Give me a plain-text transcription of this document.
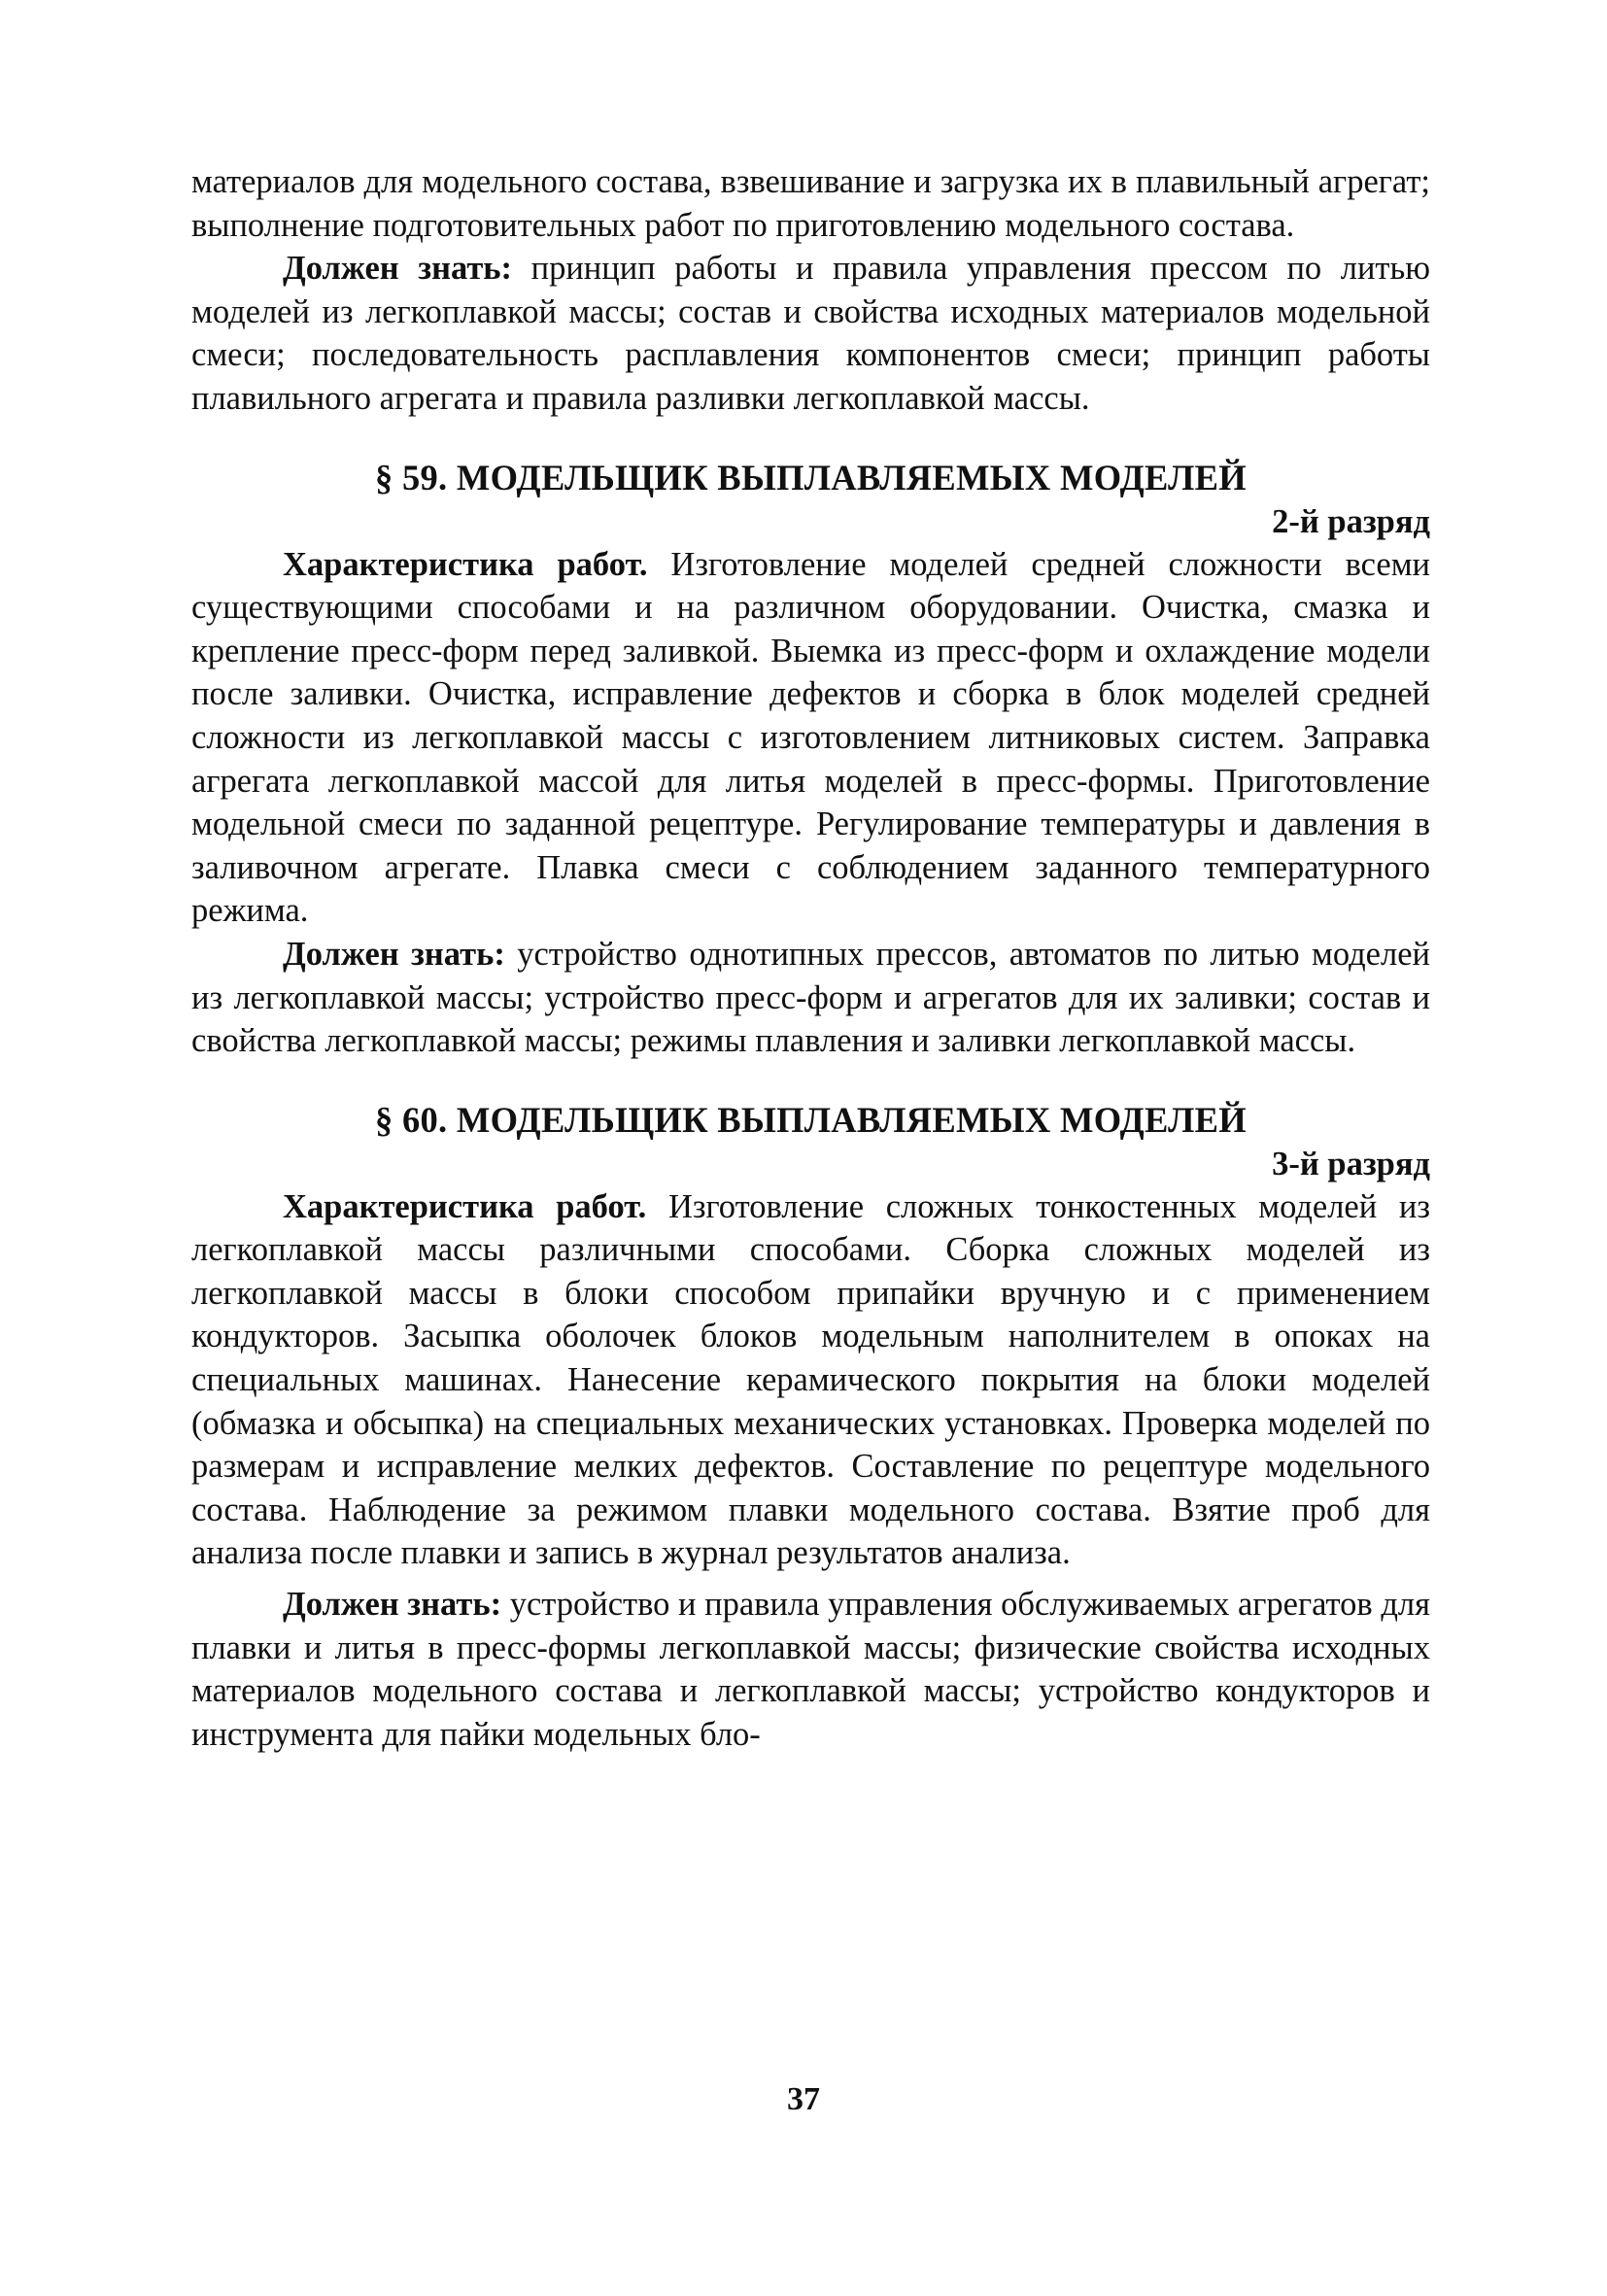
материалов для модельного состава, взвешивание и загрузка их в плавильный агрегат; выполнение подготовительных работ по приготовлению модельного состава.

Должен знать: принцип работы и правила управления прессом по литью моделей из легкоплавкой массы; состав и свойства исходных материалов модельной смеси; последовательность расплавления компонентов смеси; принцип работы плавильного агрегата и правила разливки легкоплавкой массы.

§ 59. МОДЕЛЬЩИК ВЫПЛАВЛЯЕМЫХ МОДЕЛЕЙ
2-й разряд

Характеристика работ. Изготовление моделей средней сложности всеми существующими способами и на различном оборудовании. Очистка, смазка и крепление пресс-форм перед заливкой. Выемка из пресс-форм и охлаждение модели после заливки. Очистка, исправление дефектов и сборка в блок моделей средней сложности из легкоплавкой массы с изготовлением литниковых систем. Заправка агрегата легкоплавкой массой для литья моделей в пресс-формы. Приготовление модельной смеси по заданной рецептуре. Регулирование температуры и давления в заливочном агрегате. Плавка смеси с соблюдением заданного температурного режима.

Должен знать: устройство однотипных прессов, автоматов по литью моделей из легкоплавкой массы; устройство пресс-форм и агрегатов для их заливки; состав и свойства легкоплавкой массы; режимы плавления и заливки легкоплавкой массы.

§ 60. МОДЕЛЬЩИК ВЫПЛАВЛЯЕМЫХ МОДЕЛЕЙ
3-й разряд

Характеристика работ. Изготовление сложных тонкостенных моделей из легкоплавкой массы различными способами. Сборка сложных моделей из легкоплавкой массы в блоки способом припайки вручную и с применением кондукторов. Засыпка оболочек блоков модельным наполнителем в опоках на специальных машинах. Нанесение керамического покрытия на блоки моделей (обмазка и обсыпка) на специальных механических установках. Проверка моделей по размерам и исправление мелких дефектов. Составление по рецептуре модельного состава. Наблюдение за режимом плавки модельного состава. Взятие проб для анализа после плавки и запись в журнал результатов анализа.

Должен знать: устройство и правила управления обслуживаемых агрегатов для плавки и литья в пресс-формы легкоплавкой массы; физические свойства исходных материалов модельного состава и легкоплавкой массы; устройство кондукторов и инструмента для пайки модельных бло-

37
